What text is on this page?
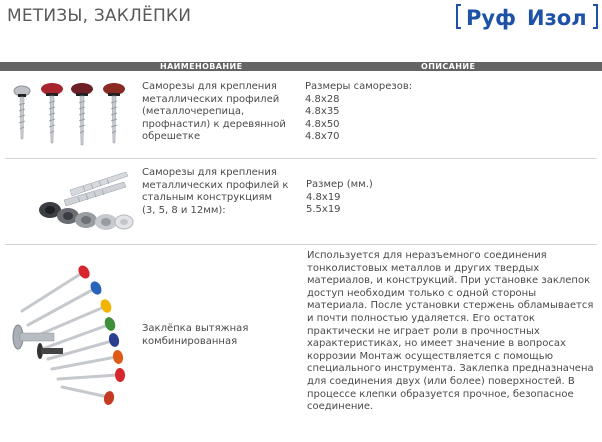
МЕТИЗЫ, ЗАКЛЁПКИ	Руф Изол
НАИМЕНОВАНИЕ	ОПИСАНИЕ
Саморезы для крепления
металлических профилей
(металлочерепица,
профнастил) к деревянной
обрешетке
Размеры саморезов:
4.8х28
4.8х35
4.8х50
4.8х70
Саморезы для крепления
металлических профилей к
стальным конструкциям
(3, 5, 8 и 12мм):
Размер (мм.)
4.8х19
5.5х19
Заклёпка вытяжная
комбинированная
Используется для неразъемного соединения
тонколистовых металлов и других твердых
материалов, и конструкций. При установке заклепок
доступ необходим только с одной стороны
материала. После установки стержень обламывается
и почти полностью удаляется. Его остаток
практически не играет роли в прочностных
характеристиках, но имеет значение в вопросах
коррозии Монтаж осуществляется с помощью
специального инструмента. Заклепка предназначена
для соединения двух (или более) поверхностей. В
процессе клепки образуется прочное, безопасное
соединение.
